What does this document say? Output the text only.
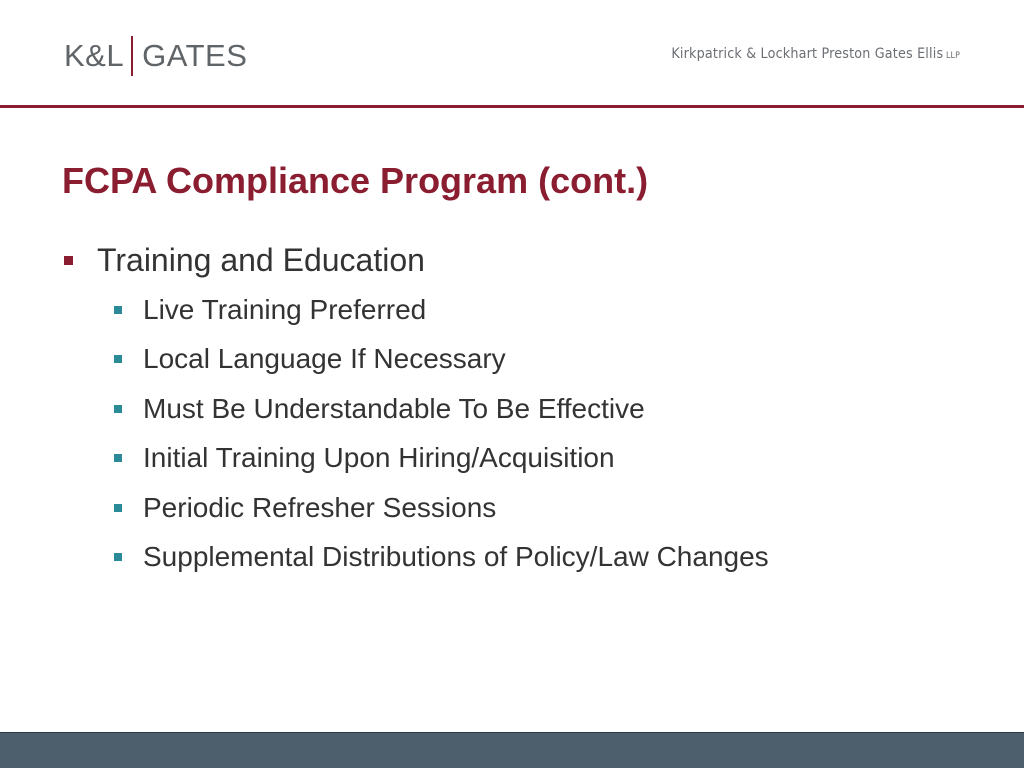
K&L GATES	Kirkpatrick & Lockhart Preston Gates Ellis LLP
FCPA Compliance Program (cont.)
Training and Education
Live Training Preferred
Local Language If Necessary
Must Be Understandable To Be Effective
Initial Training Upon Hiring/Acquisition
Periodic Refresher Sessions
Supplemental Distributions of Policy/Law Changes
